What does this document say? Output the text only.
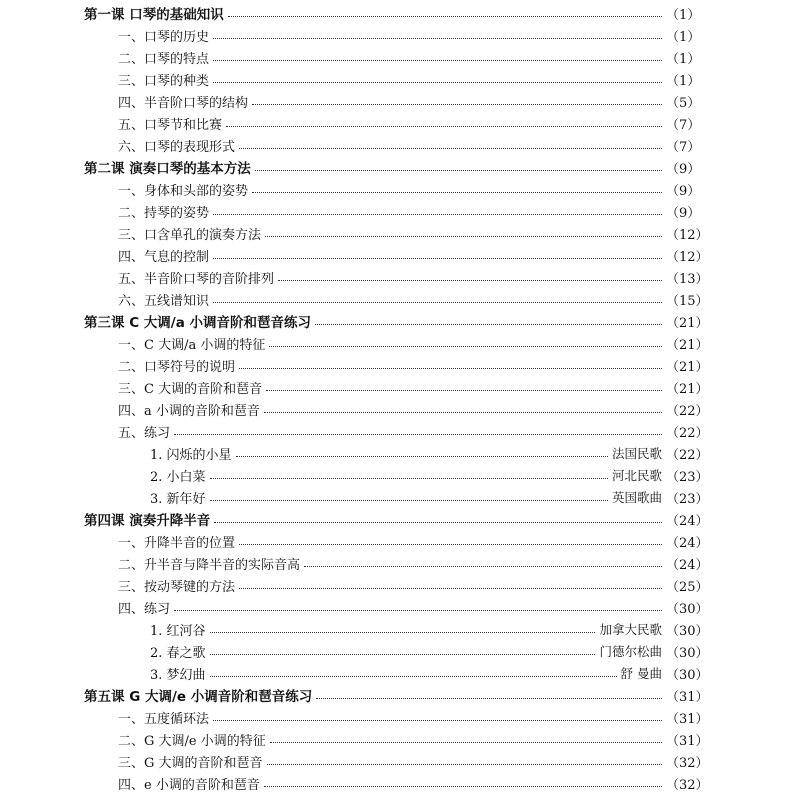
第一课 口琴的基础知识	（1）
一、口琴的历史	（1）
二、口琴的特点	（1）
三、口琴的种类	（1）
四、半音阶口琴的结构	（5）
五、口琴节和比赛	（7）
六、口琴的表现形式	（7）
第二课 演奏口琴的基本方法	（9）
一、身体和头部的姿势	（9）
二、持琴的姿势	（9）
三、口含单孔的演奏方法	（12）
四、气息的控制	（12）
五、半音阶口琴的音阶排列	（13）
六、五线谱知识	（15）
第三课 C 大调/a 小调音阶和琶音练习	（21）
一、C 大调/a 小调的特征	（21）
二、口琴符号的说明	（21）
三、C 大调的音阶和琶音	（21）
四、a 小调的音阶和琶音	（22）
五、练习	（22）
1. 闪烁的小星	法国民歌 （22）
2. 小白菜	河北民歌 （23）
3. 新年好	英国歌曲 （23）
第四课 演奏升降半音	（24）
一、升降半音的位置	（24）
二、升半音与降半音的实际音高	（24）
三、按动琴键的方法	（25）
四、练习	（30）
1. 红河谷	加拿大民歌 （30）
2. 春之歌	门德尔松曲 （30）
3. 梦幻曲	舒 曼曲 （30）
第五课 G 大调/e 小调音阶和琶音练习	（31）
一、五度循环法	（31）
二、G 大调/e 小调的特征	（31）
三、G 大调的音阶和琶音	（32）
四、e 小调的音阶和琶音	（32）
